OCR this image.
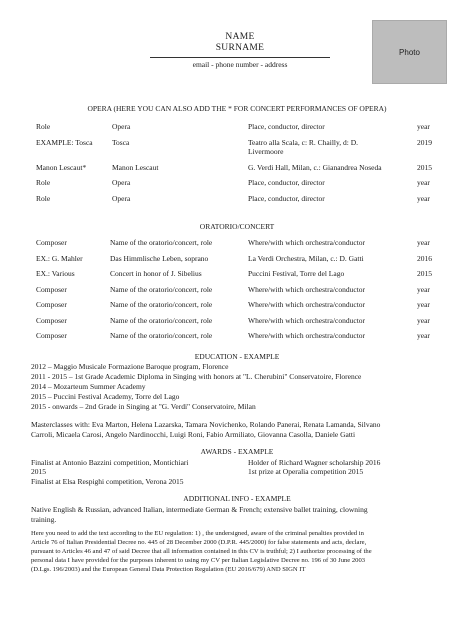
NAME
SURNAME
email - phone number - address
Photo
OPERA (HERE YOU CAN ALSO ADD THE * FOR CONCERT PERFORMANCES OF OPERA)
Role	Opera	Place, conductor, director	year
EXAMPLE: Tosca	Tosca	Teatro alla Scala, c: R. Chailly, d: D.	2019
Livermoore
Manon Lescaut*	Manon Lescaut	G. Verdi Hall, Milan, c.: Gianandrea Noseda	2015
Role	Opera	Place, conductor, director	year
Role	Opera	Place, conductor, director	year
ORATORIO/CONCERT
Composer	Name of the oratorio/concert, role	Where/with which orchestra/conductor	year
EX.: G. Mahler	Das Himmlische Leben, soprano	La Verdi Orchestra, Milan, c.: D. Gatti	2016
EX.: Various	Concert in honor of J. Sibelius	Puccini Festival, Torre del Lago	2015
Composer	Name of the oratorio/concert, role	Where/with which orchestra/conductor	year
Composer	Name of the oratorio/concert, role	Where/with which orchestra/conductor	year
Composer	Name of the oratorio/concert, role	Where/with which orchestra/conductor	year
Composer	Name of the oratorio/concert, role	Where/with which orchestra/conductor	year
EDUCATION - EXAMPLE
2012 – Maggio Musicale Formazione Baroque program, Florence
2011 - 2015 – 1st Grade Academic Diploma in Singing with honors at "L. Cherubini" Conservatoire, Florence
2014 – Mozarteum Summer Academy
2015 – Puccini Festival Academy, Torre del Lago
2015 - onwards – 2nd Grade in Singing at "G. Verdi" Conservatoire, Milan
Masterclasses with: Eva Marton, Helena Lazarska, Tamara Novichenko, Rolando Panerai, Renata Lamanda, Silvano
Carroli, Micaela Carosi, Angelo Nardinocchi, Luigi Roni, Fabio Armiliato, Giovanna Casolla, Daniele Gatti
AWARDS - EXAMPLE
Finalist at Antonio Bazzini competition, Montichiari
2015
Finalist at Elsa Respighi competition, Verona 2015
Holder of Richard Wagner scholarship 2016
1st prize at Operalia competition 2015
ADDITIONAL INFO - EXAMPLE
Native English & Russian, advanced Italian, intermediate German & French; extensive ballet training, clowning
training.
Here you need to add the text according to the EU regulation: 1) , the undersigned, aware of the criminal penalties provided in
Article 76 of Italian Presidential Decree no. 445 of 28 December 2000 (D.P.R. 445/2000) for false statements and acts, declare,
pursuant to Articles 46 and 47 of said Decree that all information contained in this CV is truthful; 2) I authorize processing of the
personal data I have provided for the purposes inherent to using my CV per Italian Legislative Decree no. 196 of 30 June 2003
(D.Lgs. 196/2003) and the European General Data Protection Regulation (EU 2016/679) AND SIGN IT
